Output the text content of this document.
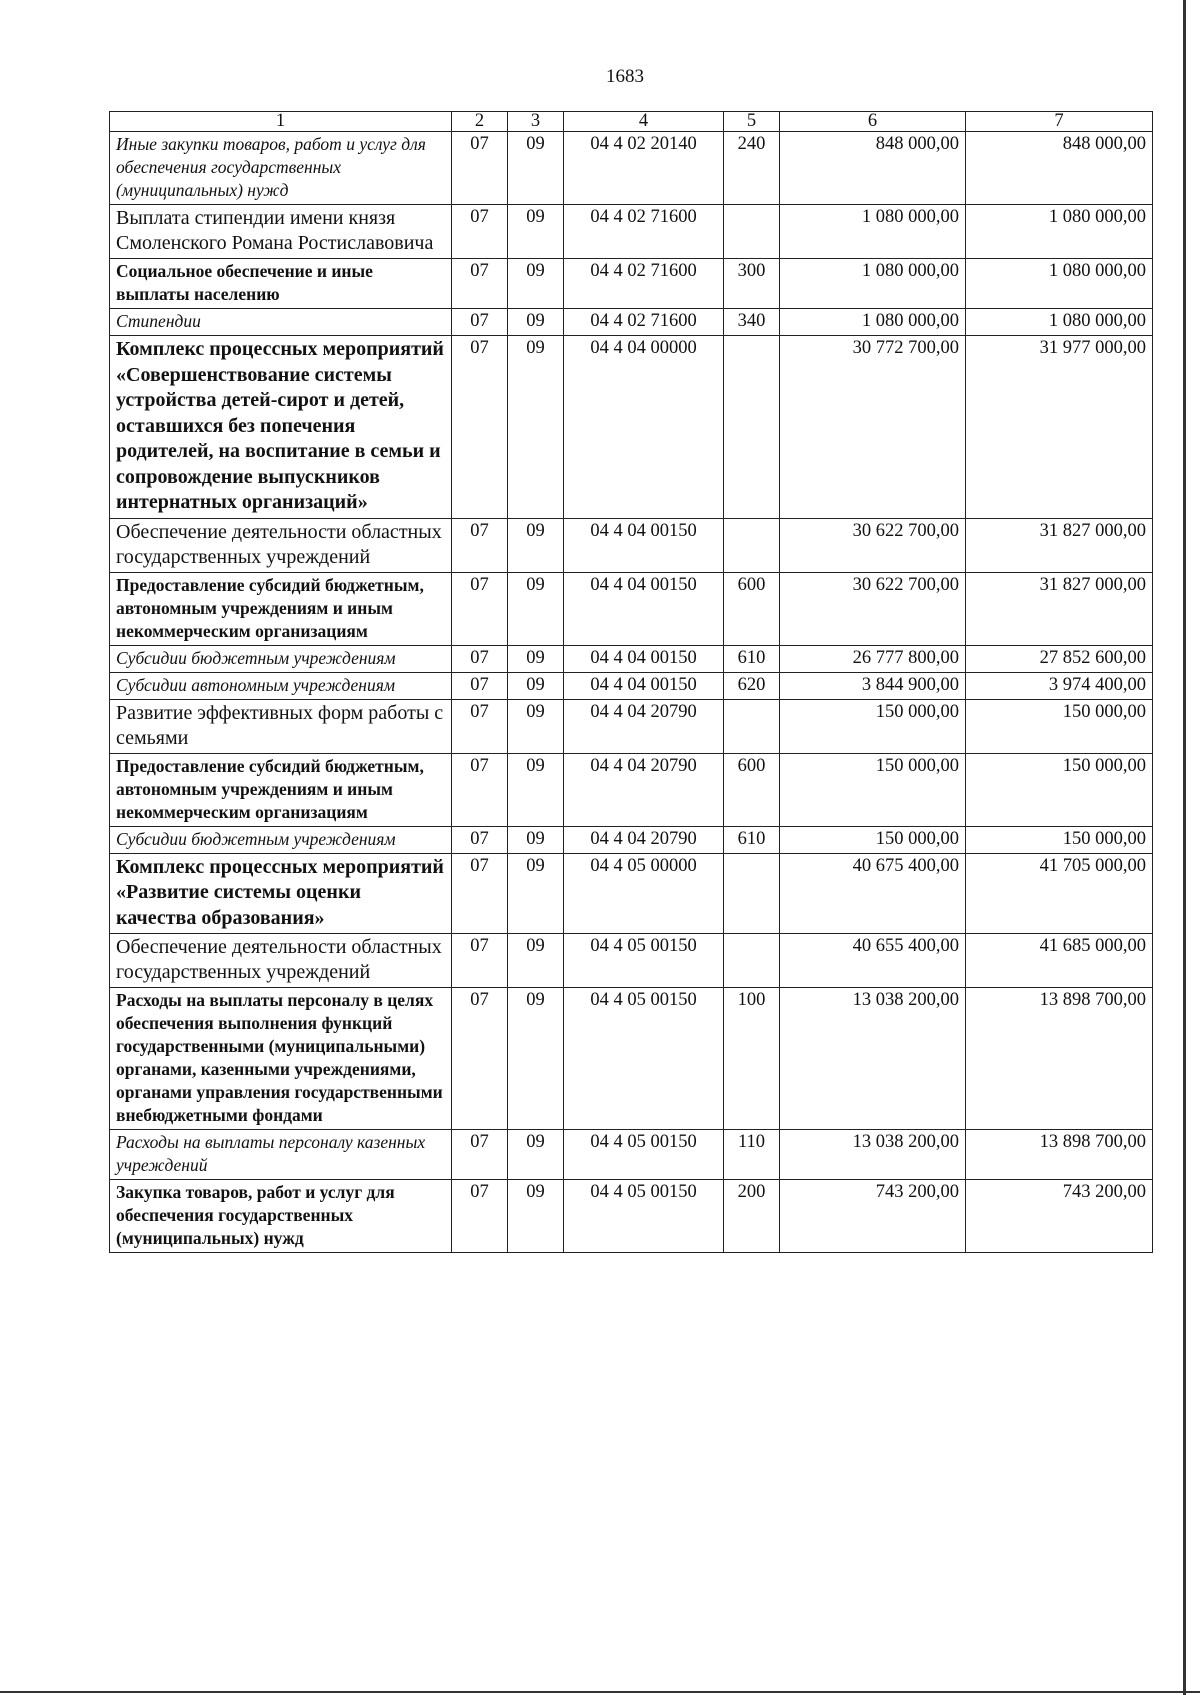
1683
1	2	3	4	5	6	7
Иные закупки товаров, работ и услуг для обеспечения государственных (муниципальных) нужд	07	09	04 4 02 20140	240	848 000,00	848 000,00
Выплата стипендии имени князя Смоленского Романа Ростиславовича	07	09	04 4 02 71600		1 080 000,00	1 080 000,00
Социальное обеспечение и иные выплаты населению	07	09	04 4 02 71600	300	1 080 000,00	1 080 000,00
Стипендии	07	09	04 4 02 71600	340	1 080 000,00	1 080 000,00
Комплекс процессных мероприятий «Совершенствование системы устройства детей-сирот и детей, оставшихся без попечения родителей, на воспитание в семьи и сопровождение выпускников интернатных организаций»	07	09	04 4 04 00000		30 772 700,00	31 977 000,00
Обеспечение деятельности областных государственных учреждений	07	09	04 4 04 00150		30 622 700,00	31 827 000,00
Предоставление субсидий бюджетным, автономным учреждениям и иным некоммерческим организациям	07	09	04 4 04 00150	600	30 622 700,00	31 827 000,00
Субсидии бюджетным учреждениям	07	09	04 4 04 00150	610	26 777 800,00	27 852 600,00
Субсидии автономным учреждениям	07	09	04 4 04 00150	620	3 844 900,00	3 974 400,00
Развитие эффективных форм работы с семьями	07	09	04 4 04 20790		150 000,00	150 000,00
Предоставление субсидий бюджетным, автономным учреждениям и иным некоммерческим организациям	07	09	04 4 04 20790	600	150 000,00	150 000,00
Субсидии бюджетным учреждениям	07	09	04 4 04 20790	610	150 000,00	150 000,00
Комплекс процессных мероприятий «Развитие системы оценки качества образования»	07	09	04 4 05 00000		40 675 400,00	41 705 000,00
Обеспечение деятельности областных государственных учреждений	07	09	04 4 05 00150		40 655 400,00	41 685 000,00
Расходы на выплаты персоналу в целях обеспечения выполнения функций государственными (муниципальными) органами, казенными учреждениями, органами управления государственными внебюджетными фондами	07	09	04 4 05 00150	100	13 038 200,00	13 898 700,00
Расходы на выплаты персоналу казенных учреждений	07	09	04 4 05 00150	110	13 038 200,00	13 898 700,00
Закупка товаров, работ и услуг для обеспечения государственных (муниципальных) нужд	07	09	04 4 05 00150	200	743 200,00	743 200,00
